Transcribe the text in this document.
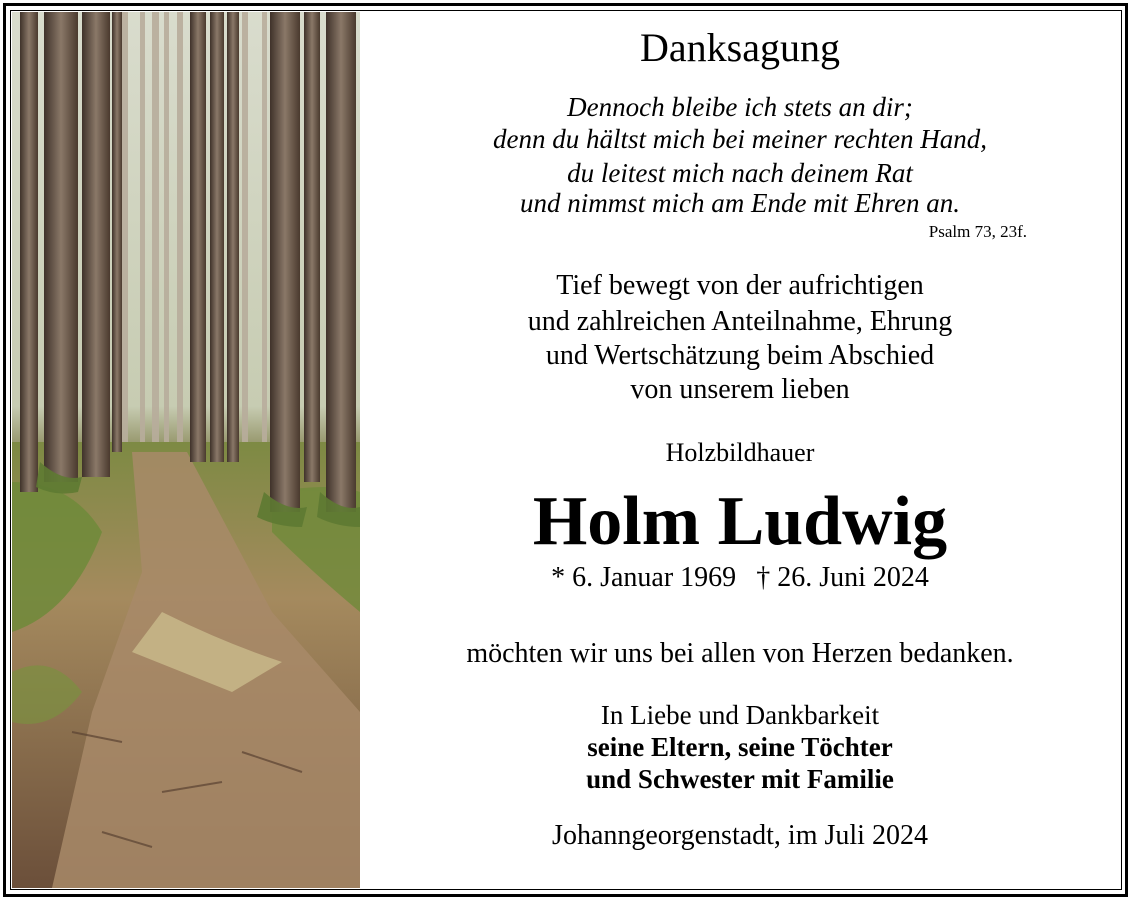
Danksagung
Dennoch bleibe ich stets an dir;
denn du hältst mich bei meiner rechten Hand,
du leitest mich nach deinem Rat
und nimmst mich am Ende mit Ehren an.
Psalm 73, 23f.
Tief bewegt von der aufrichtigen
und zahlreichen Anteilnahme, Ehrung
und Wertschätzung beim Abschied
von unserem lieben
Holzbildhauer
Holm Ludwig
* 6. Januar 1969 † 26. Juni 2024
möchten wir uns bei allen von Herzen bedanken.
In Liebe und Dankbarkeit
seine Eltern, seine Töchter
und Schwester mit Familie
Johanngeorgenstadt, im Juli 2024
